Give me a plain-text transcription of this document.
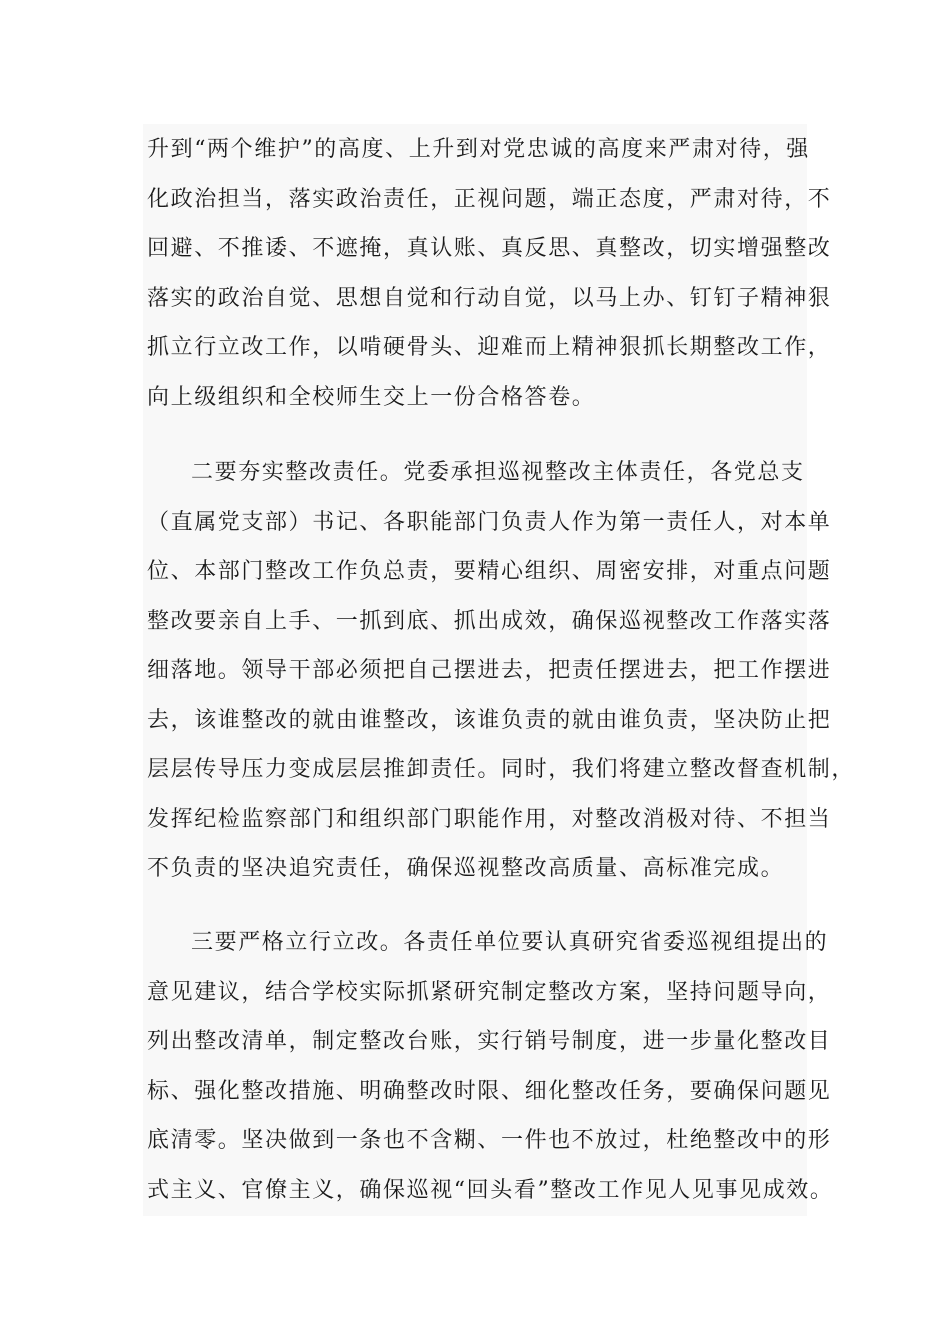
升到“两个维护”的高度、上升到对党忠诚的高度来严肃对待，强
化政治担当，落实政治责任，正视问题，端正态度，严肃对待，不
回避、不推诿、不遮掩，真认账、真反思、真整改，切实增强整改
落实的政治自觉、思想自觉和行动自觉，以马上办、钉钉子精神狠
抓立行立改工作，以啃硬骨头、迎难而上精神狠抓长期整改工作，
向上级组织和全校师生交上一份合格答卷。
二要夯实整改责任。党委承担巡视整改主体责任，各党总支
（直属党支部）书记、各职能部门负责人作为第一责任人，对本单
位、本部门整改工作负总责，要精心组织、周密安排，对重点问题
整改要亲自上手、一抓到底、抓出成效，确保巡视整改工作落实落
细落地。领导干部必须把自己摆进去，把责任摆进去，把工作摆进
去，该谁整改的就由谁整改，该谁负责的就由谁负责，坚决防止把
层层传导压力变成层层推卸责任。同时，我们将建立整改督查机制，
发挥纪检监察部门和组织部门职能作用，对整改消极对待、不担当
不负责的坚决追究责任，确保巡视整改高质量、高标准完成。
三要严格立行立改。各责任单位要认真研究省委巡视组提出的
意见建议，结合学校实际抓紧研究制定整改方案，坚持问题导向，
列出整改清单，制定整改台账，实行销号制度，进一步量化整改目
标、强化整改措施、明确整改时限、细化整改任务，要确保问题见
底清零。坚决做到一条也不含糊、一件也不放过，杜绝整改中的形
式主义、官僚主义，确保巡视“回头看”整改工作见人见事见成效。
